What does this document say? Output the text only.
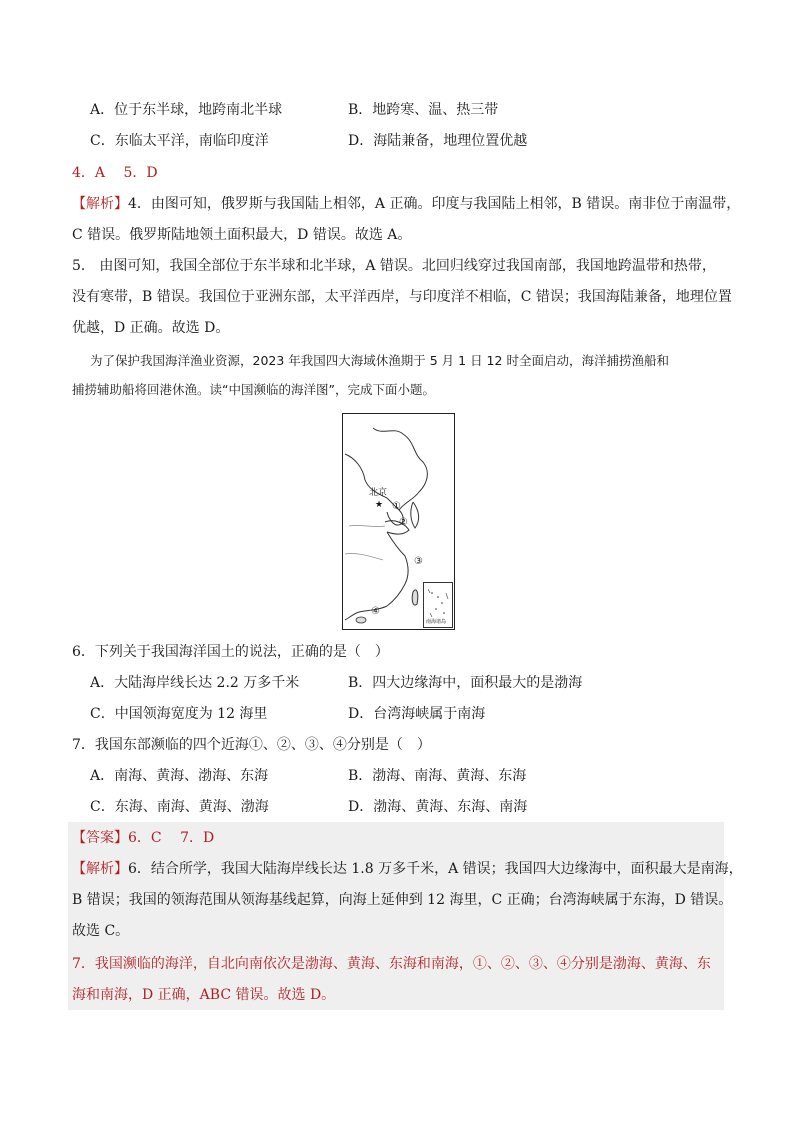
A．位于东半球，地跨南北半球	B．地跨寒、温、热三带
C．东临太平洋，南临印度洋	D．海陆兼备，地理位置优越
4．A　 5．D
【解析】4．由图可知，俄罗斯与我国陆上相邻，A 正确。印度与我国陆上相邻，B 错误。南非位于南温带，
C 错误。俄罗斯陆地领土面积最大，D 错误。故选 A。
5． 由图可知，我国全部位于东半球和北半球，A 错误。北回归线穿过我国南部，我国地跨温带和热带，
没有寒带，B 错误。我国位于亚洲东部，太平洋西岸，与印度洋不相临，C 错误；我国海陆兼备，地理位置
优越，D 正确。故选 D。
为了保护我国海洋渔业资源，2023 年我国四大海域休渔期于 5 月 1 日 12 时全面启动，海洋捕捞渔船和
捕捞辅助船将回港休渔。读“中国濒临的海洋图”，完成下面小题。
★
北京
①
②
③
④
南海诸岛
6．下列关于我国海洋国土的说法，正确的是（　）
A．大陆海岸线长达 2.2 万多千米	B．四大边缘海中，面积最大的是渤海
C．中国领海宽度为 12 海里	D．台湾海峡属于南海
7．我国东部濒临的四个近海①、②、③、④分别是（　）
A．南海、黄海、渤海、东海	B．渤海、南海、黄海、东海
C．东海、南海、黄海、渤海	D．渤海、黄海、东海、南海
【答案】6．C　 7．D
【解析】6．结合所学，我国大陆海岸线长达 1.8 万多千米，A 错误；我国四大边缘海中，面积最大是南海，
B 错误；我国的领海范围从领海基线起算，向海上延伸到 12 海里，C 正确；台湾海峡属于东海，D 错误。
故选 C。
7．我国濒临的海洋，自北向南依次是渤海、黄海、东海和南海，①、②、③、④分别是渤海、黄海、东
海和南海，D 正确，ABC 错误。故选 D。
